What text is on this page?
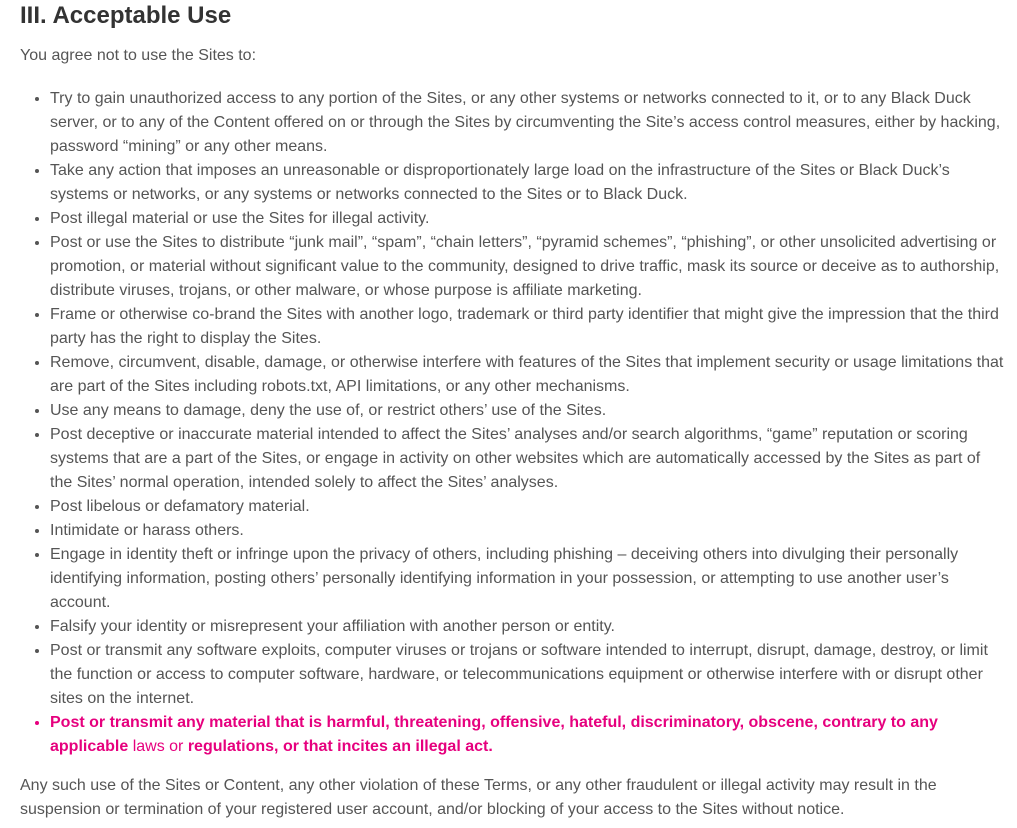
III. Acceptable Use

You agree not to use the Sites to:

• Try to gain unauthorized access to any portion of the Sites, or any other systems or networks connected to it, or to any Black Duck server, or to any of the Content offered on or through the Sites by circumventing the Site’s access control measures, either by hacking, password “mining” or any other means.
• Take any action that imposes an unreasonable or disproportionately large load on the infrastructure of the Sites or Black Duck’s systems or networks, or any systems or networks connected to the Sites or to Black Duck.
• Post illegal material or use the Sites for illegal activity.
• Post or use the Sites to distribute “junk mail”, “spam”, “chain letters”, “pyramid schemes”, “phishing”, or other unsolicited advertising or promotion, or material without significant value to the community, designed to drive traffic, mask its source or deceive as to authorship, distribute viruses, trojans, or other malware, or whose purpose is affiliate marketing.
• Frame or otherwise co-brand the Sites with another logo, trademark or third party identifier that might give the impression that the third party has the right to display the Sites.
• Remove, circumvent, disable, damage, or otherwise interfere with features of the Sites that implement security or usage limitations that are part of the Sites including robots.txt, API limitations, or any other mechanisms.
• Use any means to damage, deny the use of, or restrict others’ use of the Sites.
• Post deceptive or inaccurate material intended to affect the Sites’ analyses and/or search algorithms, “game” reputation or scoring systems that are a part of the Sites, or engage in activity on other websites which are automatically accessed by the Sites as part of the Sites’ normal operation, intended solely to affect the Sites’ analyses.
• Post libelous or defamatory material.
• Intimidate or harass others.
• Engage in identity theft or infringe upon the privacy of others, including phishing – deceiving others into divulging their personally identifying information, posting others’ personally identifying information in your possession, or attempting to use another user’s account.
• Falsify your identity or misrepresent your affiliation with another person or entity.
• Post or transmit any software exploits, computer viruses or trojans or software intended to interrupt, disrupt, damage, destroy, or limit the function or access to computer software, hardware, or telecommunications equipment or otherwise interfere with or disrupt other sites on the internet.
• Post or transmit any material that is harmful, threatening, offensive, hateful, discriminatory, obscene, contrary to any applicable laws or regulations, or that incites an illegal act.

Any such use of the Sites or Content, any other violation of these Terms, or any other fraudulent or illegal activity may result in the suspension or termination of your registered user account, and/or blocking of your access to the Sites without notice.
